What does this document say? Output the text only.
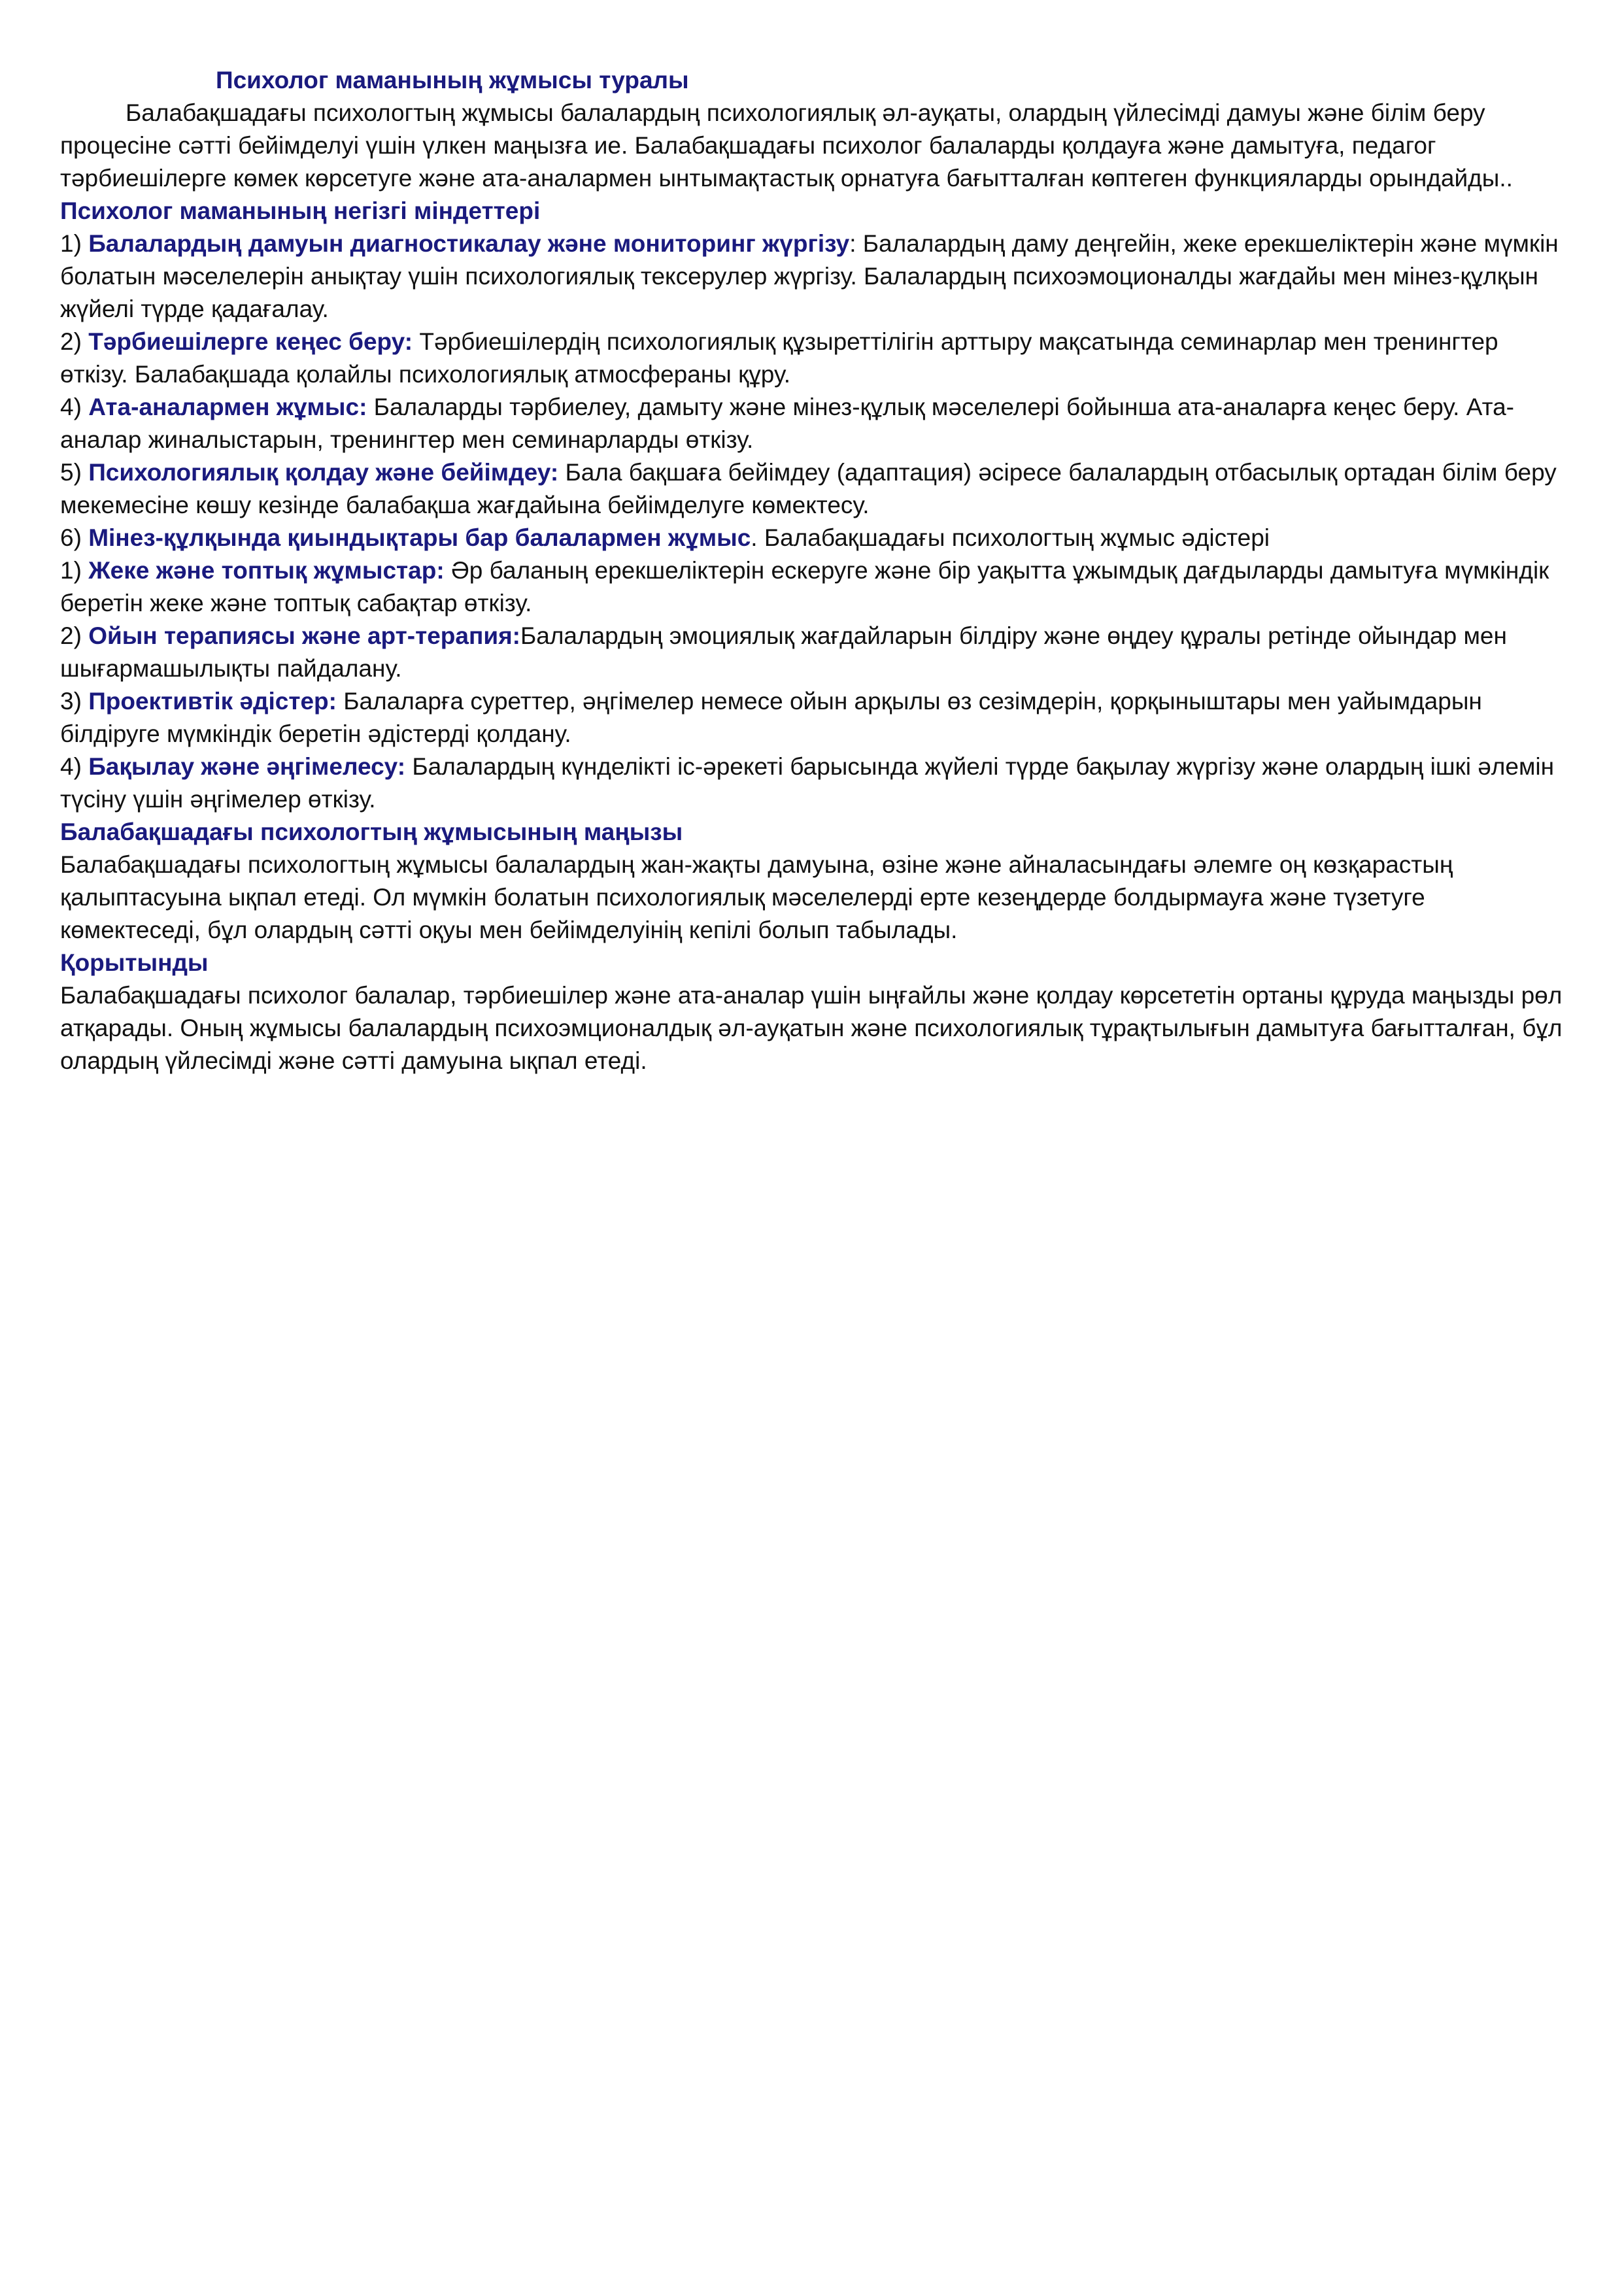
Психолог маманының жұмысы туралы

Балабақшадағы психологтың жұмысы балалардың психологиялық әл-ауқаты, олардың үйлесімді дамуы және білім беру процесіне сәтті бейімделуі үшін үлкен маңызға ие. Балабақшадағы психолог балаларды қолдауға және дамытуға, педагог тәрбиешілерге көмек көрсетуге және ата-аналармен ынтымақтастық орнатуға бағытталған көптеген функцияларды орындайды..

Психолог маманының негізгі міндеттері

1) Балалардың дамуын диагностикалау және мониторинг жүргізу: Балалардың даму деңгейін, жеке ерекшеліктерін және мүмкін болатын мәселелерін анықтау үшін психологиялық тексерулер жүргізу. Балалардың психоэмоционалды жағдайы мен мінез-құлқын жүйелі түрде қадағалау.

2) Тәрбиешілерге кеңес беру: Тәрбиешілердің психологиялық құзыреттілігін арттыру мақсатында семинарлар мен тренингтер өткізу. Балабақшада қолайлы психологиялық атмосфераны құру.

4) Ата-аналармен жұмыс: Балаларды тәрбиелеу, дамыту және мінез-құлық мәселелері бойынша ата-аналарға кеңес беру. Ата-аналар жиналыстарын, тренингтер мен семинарларды өткізу.

5) Психологиялық қолдау және бейімдеу: Бала бақшаға бейімдеу (адаптация) әсіресе балалардың отбасылық ортадан білім беру мекемесіне көшу кезінде балабақша жағдайына бейімделуге көмектесу.

6) Мінез-құлқында қиындықтары бар балалармен жұмыс. Балабақшадағы психологтың жұмыс әдістері

1) Жеке және топтық жұмыстар: Әр баланың ерекшеліктерін ескеруге және бір уақытта ұжымдық дағдыларды дамытуға мүмкіндік беретін жеке және топтық сабақтар өткізу.

2) Ойын терапиясы және арт-терапия:Балалардың эмоциялық жағдайларын білдіру және өңдеу құралы ретінде ойындар мен шығармашылықты пайдалану.

3) Проективтік әдістер: Балаларға суреттер, әңгімелер немесе ойын арқылы өз сезімдерін, қорқыныштары мен уайымдарын білдіруге мүмкіндік беретін әдістерді қолдану.

4) Бақылау және әңгімелесу: Балалардың күнделікті іс-әрекеті барысында жүйелі түрде бақылау жүргізу және олардың ішкі әлемін түсіну үшін әңгімелер өткізу.

Балабақшадағы психологтың жұмысының маңызы

Балабақшадағы психологтың жұмысы балалардың жан-жақты дамуына, өзіне және айналасындағы әлемге оң көзқарастың қалыптасуына ықпал етеді. Ол мүмкін болатын психологиялық мәселелерді ерте кезеңдерде болдырмауға және түзетуге көмектеседі, бұл олардың сәтті оқуы мен бейімделуінің кепілі болып табылады.

Қорытынды

Балабақшадағы психолог балалар, тәрбиешілер және ата-аналар үшін ыңғайлы және қолдау көрсететін ортаны құруда маңызды рөл атқарады. Оның жұмысы балалардың психоэмционалдық әл-ауқатын және психологиялық тұрақтылығын дамытуға бағытталған, бұл олардың үйлесімді және сәтті дамуына ықпал етеді.
